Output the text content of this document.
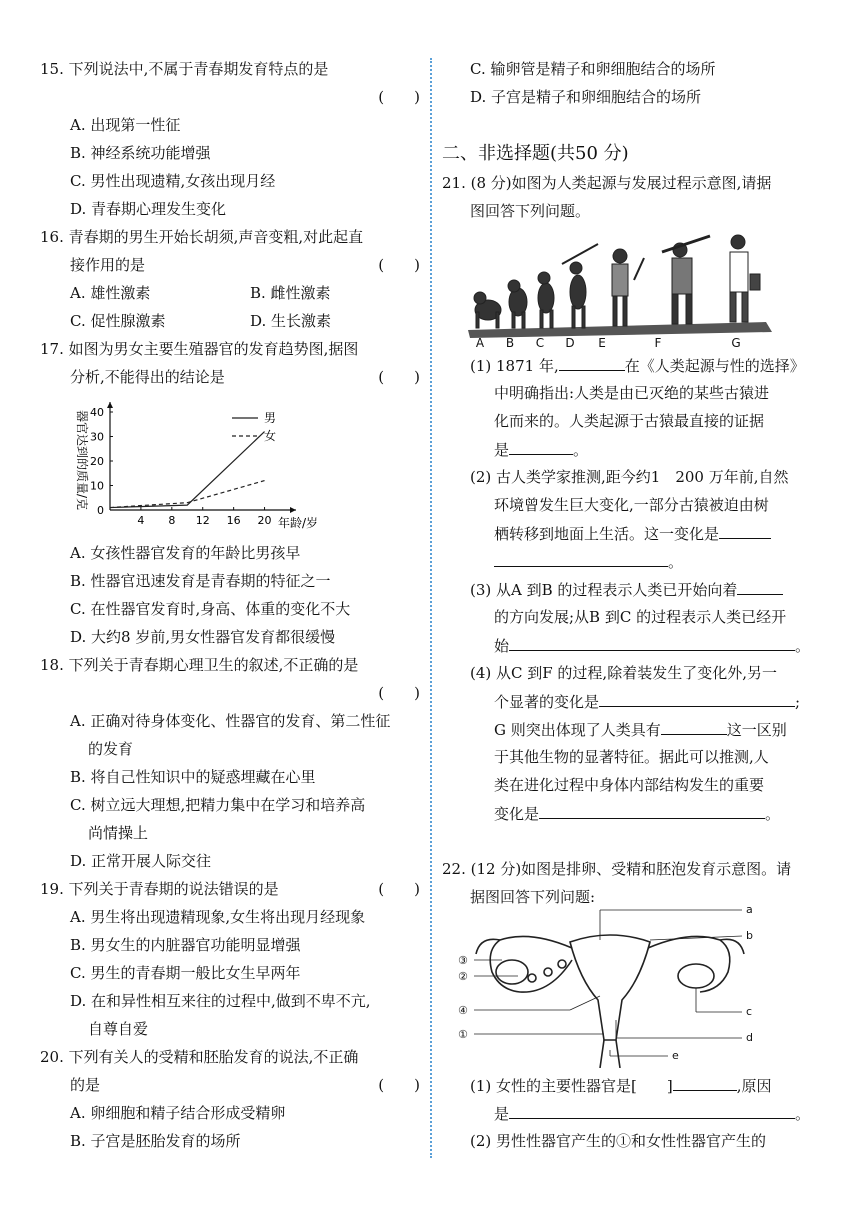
15. 下列说法中,不属于青春期发育特点的是
(　　)
A. 出现第一性征
B. 神经系统功能增强
C. 男性出现遗精,女孩出现月经
D. 青春期心理发生变化
16. 青春期的男生开始长胡须,声音变粗,对此起直
接作用的是	(　　)
A. 雄性激素	B. 雌性激素
C. 促性腺激素	D. 生长激素
17. 如图为男女主要生殖器官的发育趋势图,据图
分析,不能得出的结论是	(　　)
器官达到的质量/克
4 8 12 16 20
0
10
20
30
40	男
女
年龄/岁
A. 女孩性器官发育的年龄比男孩早
B. 性器官迅速发育是青春期的特征之一
C. 在性器官发育时,身高、体重的变化不大
D. 大约8 岁前,男女性器官发育都很缓慢
18. 下列关于青春期心理卫生的叙述,不正确的是
(　　)
A. 正确对待身体变化、性器官的发育、第二性征
的发育
B. 将自己性知识中的疑惑埋藏在心里
C. 树立远大理想,把精力集中在学习和培养高
尚情操上
D. 正常开展人际交往
19. 下列关于青春期的说法错误的是	(　　)
A. 男生将出现遗精现象,女生将出现月经现象
B. 男女生的内脏器官功能明显增强
C. 男生的青春期一般比女生早两年
D. 在和异性相互来往的过程中,做到不卑不亢,
自尊自爱
20. 下列有关人的受精和胚胎发育的说法,不正确
的是	(　　)
A. 卵细胞和精子结合形成受精卵
B. 子宫是胚胎发育的场所
C. 输卵管是精子和卵细胞结合的场所
D. 子宫是精子和卵细胞结合的场所
二、非选择题(共50 分)
21. (8 分)如图为人类起源与发展过程示意图,请据
图回答下列问题。
A B C D E	F	G
(1) 1871 年,	在《人类起源与性的选择》
中明确指出:人类是由已灭绝的某些古猿进
化而来的。人类起源于古猿最直接的证据
是	。
(2) 古人类学家推测,距今约1　200 万年前,自然
环境曾发生巨大变化,一部分古猿被迫由树
栖转移到地面上生活。这一变化是
。
(3) 从A 到B 的过程表示人类已开始向着
的方向发展;从B 到C 的过程表示人类已经开
始	。
(4) 从C 到F 的过程,除着装发生了变化外,另一
个显著的变化是	;
G 则突出体现了人类具有	这一区别
于其他生物的显著特征。据此可以推测,人
类在进化过程中身体内部结构发生的重要
变化是	。
22. (12 分)如图是排卵、受精和胚泡发育示意图。请
据图回答下列问题:
a
b
c
d
e
③
②
④
①
(1) 女性的主要性器官是[　　]	,原因
是	。
(2) 男性性器官产生的①和女性性器官产生的
